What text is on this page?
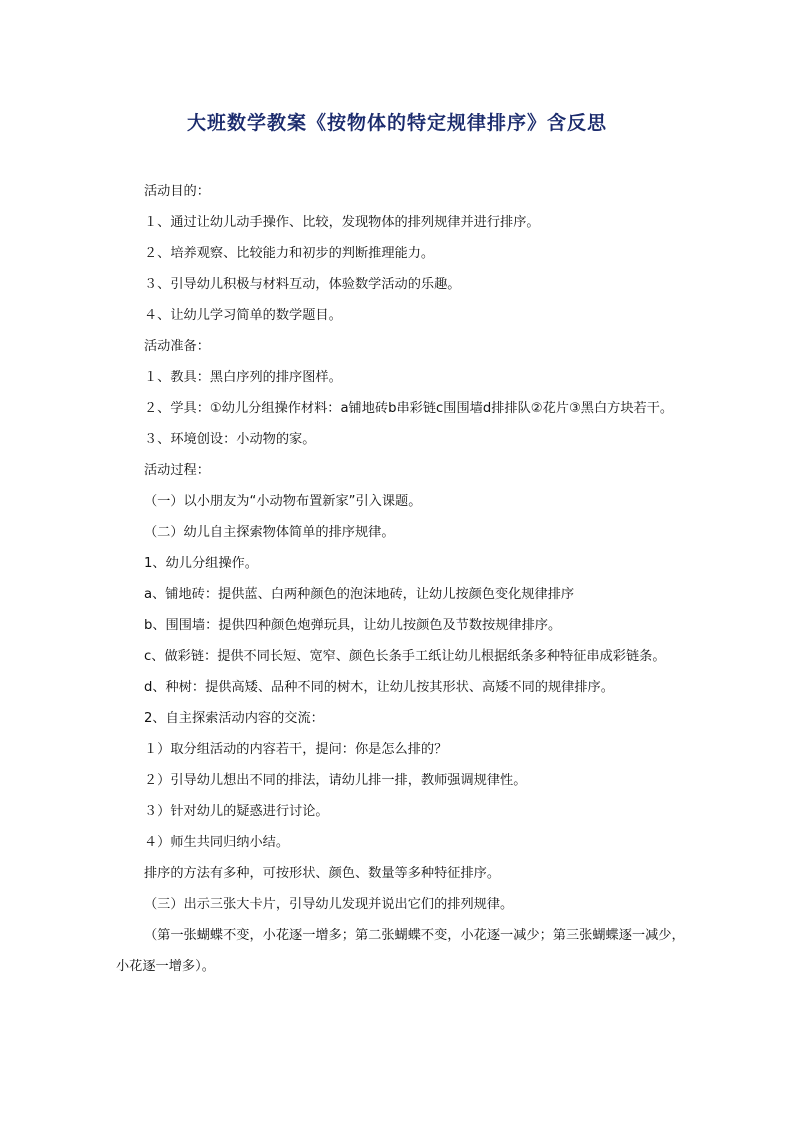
大班数学教案《按物体的特定规律排序》含反思
活动目的：
１、通过让幼儿动手操作、比较，发现物体的排列规律并进行排序。
２、培养观察、比较能力和初步的判断推理能力。
３、引导幼儿积极与材料互动，体验数学活动的乐趣。
４、让幼儿学习简单的数学题目。
活动准备：
１、教具：黑白序列的排序图样。
２、学具：①幼儿分组操作材料：a铺地砖b串彩链c围围墙d排排队②花片③黑白方块若干。
３、环境创设：小动物的家。
活动过程：
（一）以小朋友为“小动物布置新家”引入课题。
（二）幼儿自主探索物体简单的排序规律。
1、幼儿分组操作。
a、铺地砖：提供蓝、白两种颜色的泡沫地砖，让幼儿按颜色变化规律排序
b、围围墙：提供四种颜色炮弹玩具，让幼儿按颜色及节数按规律排序。
c、做彩链：提供不同长短、宽窄、颜色长条手工纸让幼儿根据纸条多种特征串成彩链条。
d、种树：提供高矮、品种不同的树木，让幼儿按其形状、高矮不同的规律排序。
2、自主探索活动内容的交流：
１）取分组活动的内容若干，提问：你是怎么排的？
２）引导幼儿想出不同的排法，请幼儿排一排，教师强调规律性。
３）针对幼儿的疑惑进行讨论。
４）师生共同归纳小结。
排序的方法有多种，可按形状、颜色、数量等多种特征排序。
（三）出示三张大卡片，引导幼儿发现并说出它们的排列规律。
（第一张蝴蝶不变，小花逐一增多；第二张蝴蝶不变，小花逐一减少；第三张蝴蝶逐一减少，小花逐一增多）。
